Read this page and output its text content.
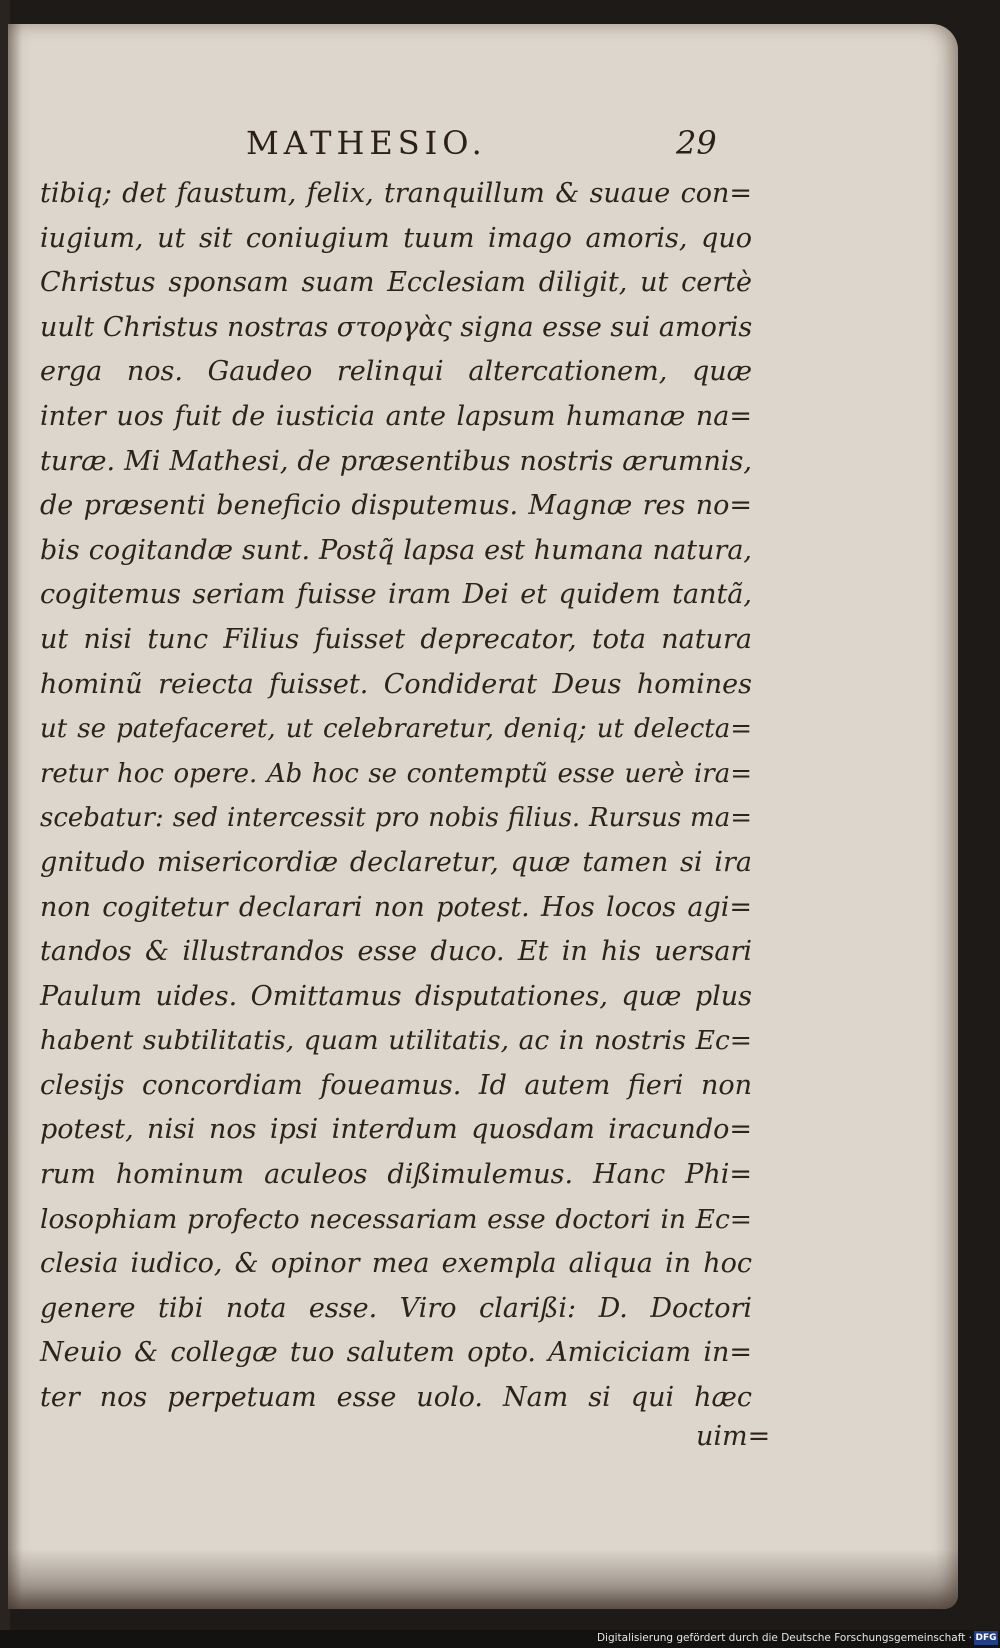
MATHESIO.	29
tibiq; det faustum, felix, tranquillum & suaue con=
iugium, ut sit coniugium tuum imago amoris, quo
Christus sponsam suam Ecclesiam diligit, ut certè
uult Christus nostras στοργὰς signa esse sui amoris
erga nos. Gaudeo relinqui altercationem, quæ
inter uos fuit de iusticia ante lapsum humanæ na=
turæ. Mi Mathesi, de præsentibus nostris ærumnis,
de præsenti beneficio disputemus. Magnæ res no=
bis cogitandæ sunt. Postq̃ lapsa est humana natura,
cogitemus seriam fuisse iram Dei et quidem tantã,
ut nisi tunc Filius fuisset deprecator, tota natura
hominũ reiecta fuisset. Condiderat Deus homines
ut se patefaceret, ut celebraretur, deniq; ut delecta=
retur hoc opere. Ab hoc se contemptũ esse uerè ira=
scebatur: sed intercessit pro nobis filius. Rursus ma=
gnitudo misericordiæ declaretur, quæ tamen si ira
non cogitetur declarari non potest. Hos locos agi=
tandos & illustrandos esse duco. Et in his uersari
Paulum uides. Omittamus disputationes, quæ plus
habent subtilitatis, quam utilitatis, ac in nostris Ec=
clesijs concordiam foueamus. Id autem fieri non
potest, nisi nos ipsi interdum quosdam iracundo=
rum hominum aculeos dißimulemus. Hanc Phi=
losophiam profecto necessariam esse doctori in Ec=
clesia iudico, & opinor mea exempla aliqua in hoc
genere tibi nota esse. Viro clarißi: D. Doctori
Neuio & collegæ tuo salutem opto. Amiciciam in=
ter nos perpetuam esse uolo. Nam si qui hæc
uim=
Digitalisierung gefördert durch die Deutsche Forschungsgemeinschaft · DFG
